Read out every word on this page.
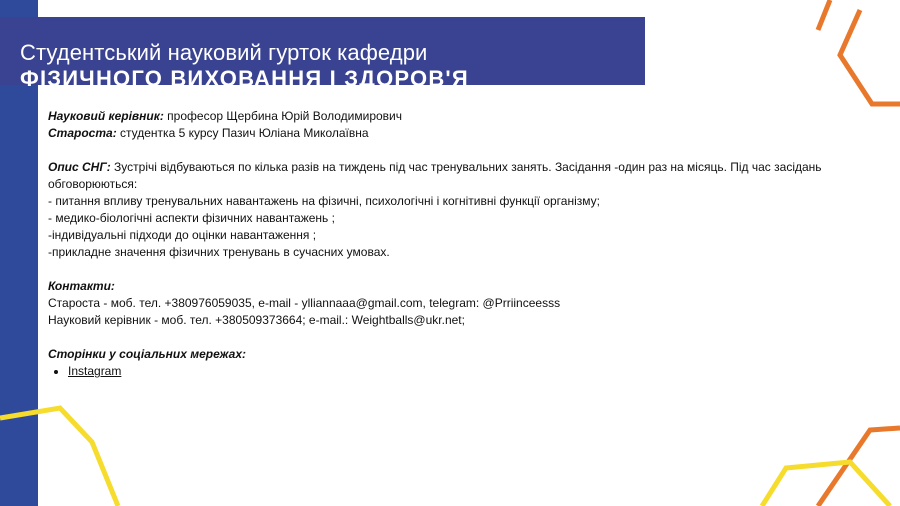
Студентський науковий гурток кафедри
ФІЗИЧНОГО ВИХОВАННЯ І ЗДОРОВ'Я

Науковий керівник: професор Щербина Юрій Володимирович

Староста: студентка 5 курсу Пазич Юліана Миколаївна

Опис СНГ: Зустрічі відбуваються по кілька разів на тиждень під час тренувальних занять. Засідання -один раз на місяць. Під час засідань обговорюються:

- питання впливу тренувальних навантажень на фізичні, психологічні і когнітивні функції організму;

- медико-біологічні аспекти фізичних навантажень ;

-індивідуальні підходи до оцінки навантаження ;

-прикладне значення фізичних тренувань в сучасних умовах.

Контакти:

Староста - моб. тел. +380976059035, e-mail - yllіannaaa@gmail.com, telegram: @Prriinceesss

Науковий керівник - моб. тел. +380509373664; e-mail.: Weightballs@ukr.net;

Сторінки у соціальних мережах:

• Instagram
